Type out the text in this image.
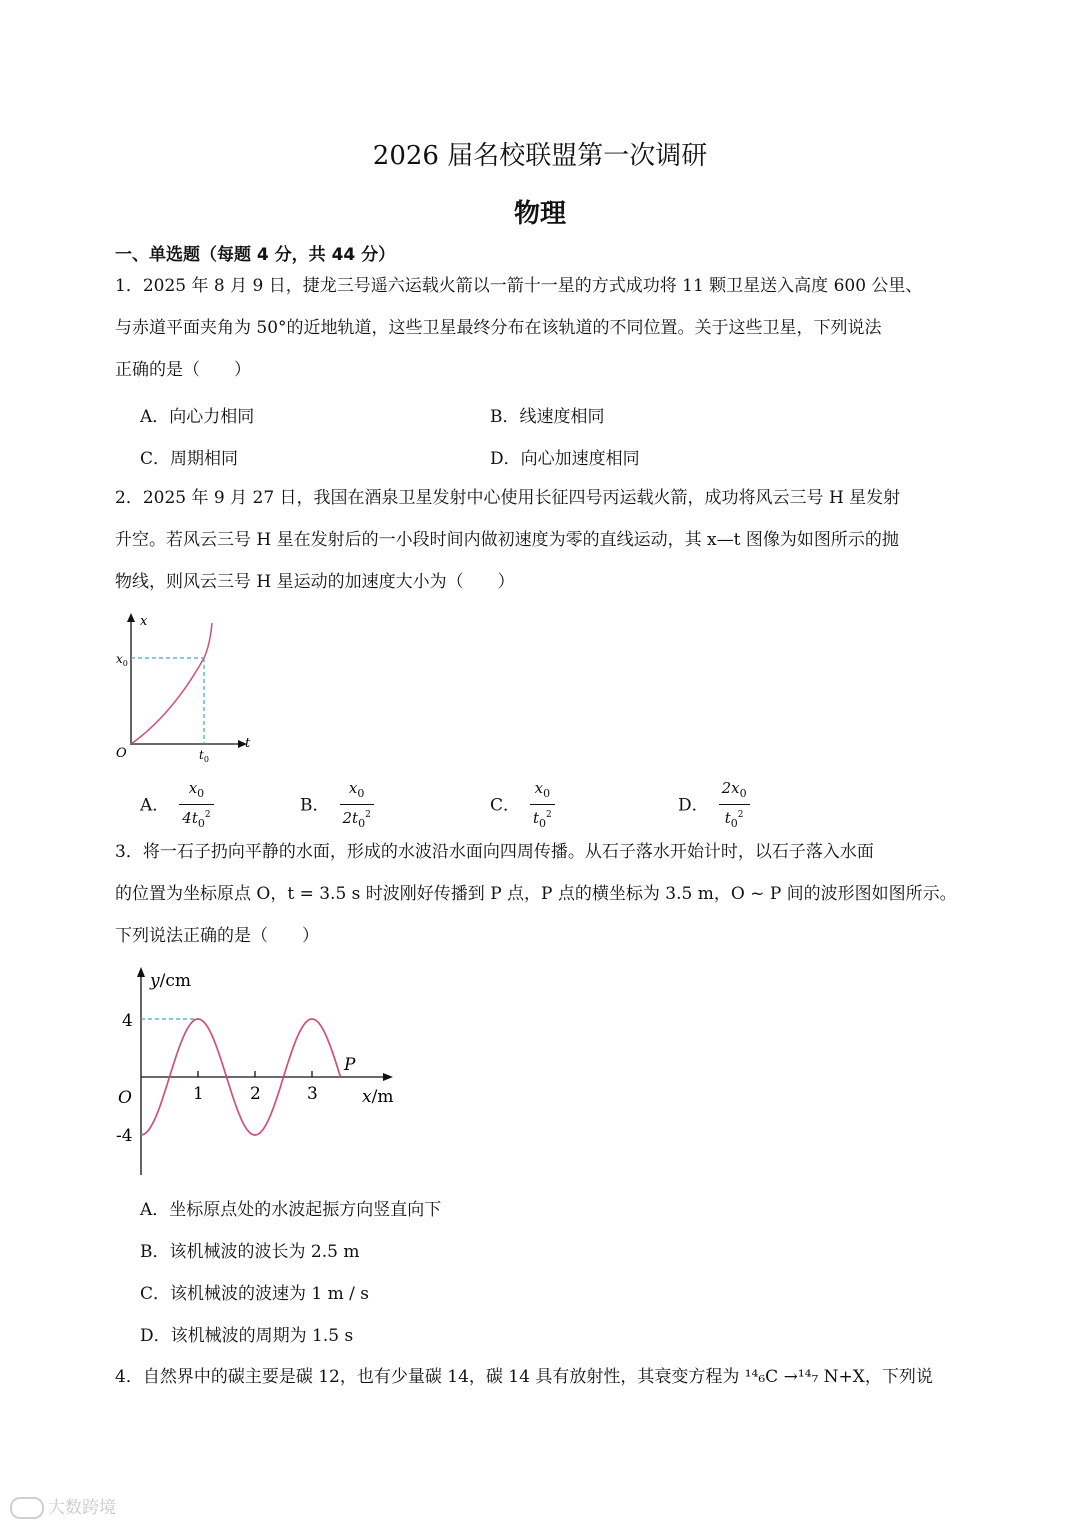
2026 届名校联盟第一次调研
物理
一、单选题（每题 4 分，共 44 分）
1．2025 年 8 月 9 日，捷龙三号遥六运载火箭以一箭十一星的方式成功将 11 颗卫星送入高度 600 公里、
与赤道平面夹角为 50°的近地轨道，这些卫星最终分布在该轨道的不同位置。关于这些卫星，下列说法
正确的是（　　）
A．向心力相同	B．线速度相同
C．周期相同	D．向心加速度相同
2．2025 年 9 月 27 日，我国在酒泉卫星发射中心使用长征四号丙运载火箭，成功将风云三号 H 星发射
升空。若风云三号 H 星在发射后的一小段时间内做初速度为零的直线运动，其 x—t 图像为如图所示的抛
物线，则风云三号 H 星运动的加速度大小为（　　）
x
t
O
$x_0$
$t_0$
A． $\frac{x_0}{4t_0^2}$	B． $\frac{x_0}{2t_0^2}$	C． $\frac{x_0}{t_0^2}$	D． $\frac{2x_0}{t_0^2}$
3．将一石子扔向平静的水面，形成的水波沿水面向四周传播。从石子落水开始计时，以石子落入水面
的位置为坐标原点 O，t = 3.5 s 时波刚好传播到 P 点，P 点的横坐标为 3.5 m，O ~ P 间的波形图如图所示。
下列说法正确的是（　　）
1	2	3
y/cm
x/m
O
4
-4
P
A．坐标原点处的水波起振方向竖直向下
B．该机械波的波长为 2.5 m
C．该机械波的波速为 1 m / s
D．该机械波的周期为 1.5 s
4．自然界中的碳主要是碳 12，也有少量碳 14，碳 14 具有放射性，其衰变方程为 ¹⁴₆C →¹⁴₇ N+X，下列说
大数跨境
